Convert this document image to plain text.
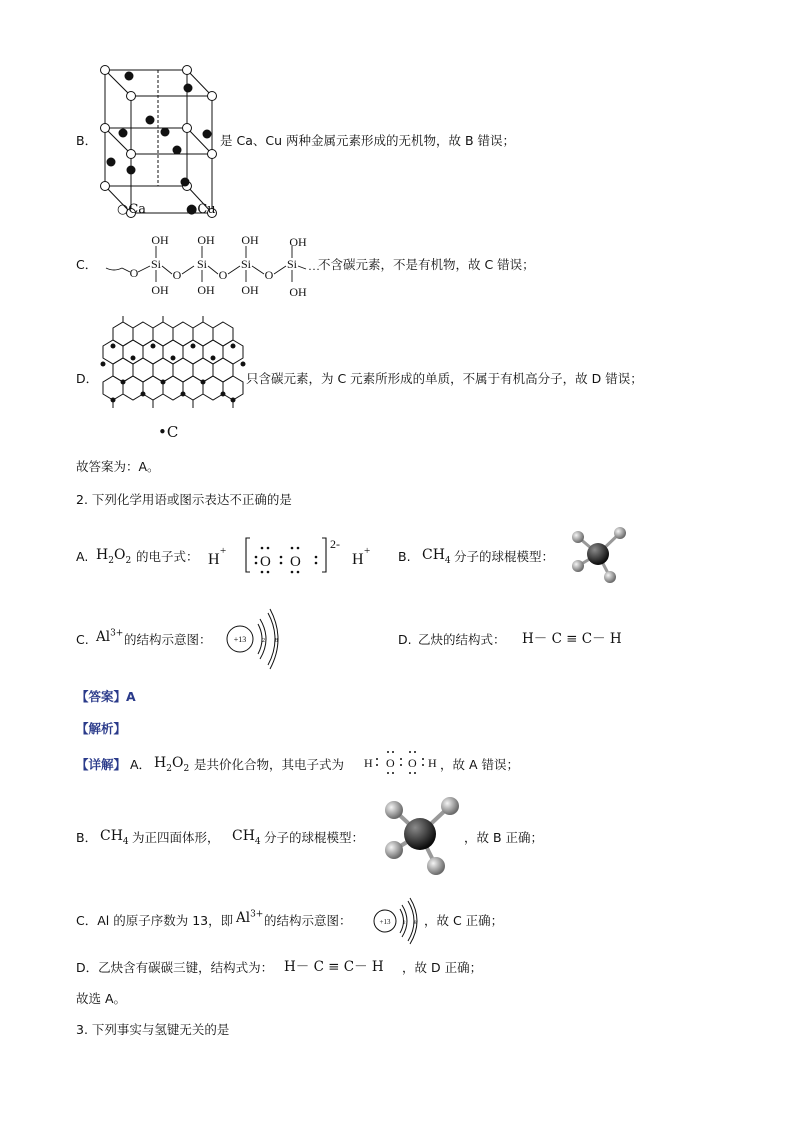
B．
○Ca	●Cu
是 Ca、Cu 两种金属元素形成的无机物，故 B 错误；
C．
O
Si
O
Si
O
Si
O
Si
OH OH OH	OH
OH OH OH	OH
…
不含碳元素，不是有机物，故 C 错误；
D．
•C
只含碳元素，为 C 元素所形成的单质，不属于有机高分子，故 D 错误；
故答案为：A。
2. 下列化学用语或图示表达不正确的是
A. $H_2O_2$ 的电子式： H +	H +
O O
2-
B. $CH_4$ 分子的球棍模型：
C. $Al^{3+}$ 的结构示意图：	+13	2 8	D. 乙炔的结构式： H－ C ≡ C－ H
【答案】A
【解析】
【详解】 A． $H_2O_2$ 是共价化合物，其电子式为 H O O H ，故 A 错误；
B． $CH_4$ 为正四面体形， $CH_4$ 分子的球棍模型：	，故 B 正确；
C．Al 的原子序数为 13，即 $Al^{3+}$ 的结构示意图：	+13	2 8 ，故 C 正确；
D．乙炔含有碳碳三键，结构式为： H－ C ≡ C－ H ，故 D 正确；
故选 A。
3. 下列事实与氢键无关的是
